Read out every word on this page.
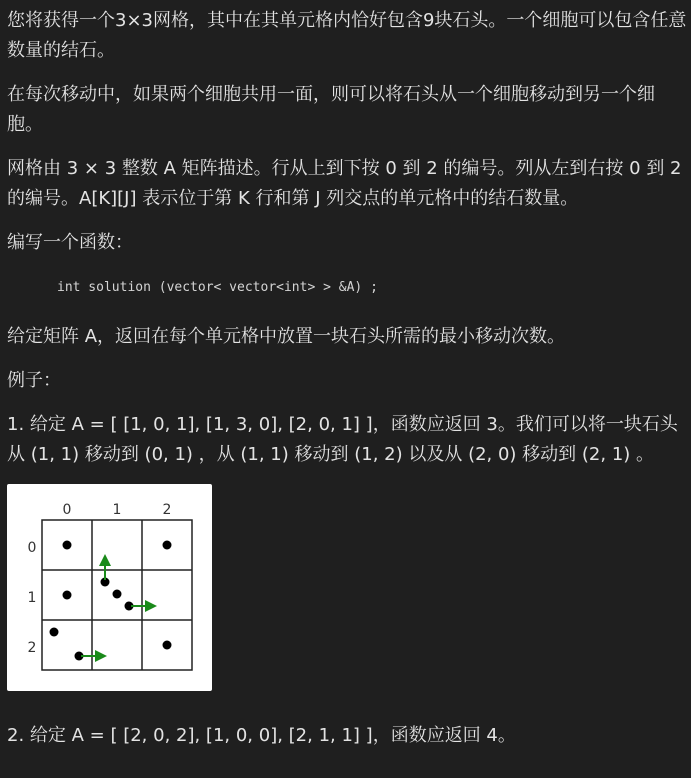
您将获得一个3×3网格，其中在其单元格内恰好包含9块石头。一个细胞可以包含任意数量的结石。

在每次移动中，如果两个细胞共用一面，则可以将石头从一个细胞移动到另一个细胞。

网格由 3 × 3 整数 A 矩阵描述。行从上到下按 0 到 2 的编号。列从左到右按 0 到 2 的编号。A[K][J] 表示位于第 K 行和第 J 列交点的单元格中的结石数量。

编写一个函数：

int solution (vector< vector<int> > &A) ;

给定矩阵 A，返回在每个单元格中放置一块石头所需的最小移动次数。

例子：

1. 给定 A = [ [1, 0, 1], [1, 3, 0], [2, 0, 1] ]，函数应返回 3。我们可以将一块石头从 (1, 1) 移动到 (0, 1) ，从 (1, 1) 移动到 (1, 2) 以及从 (2, 0) 移动到 (2, 1) 。

0	1	2
0
1
2

2. 给定 A = [ [2, 0, 2], [1, 0, 0], [2, 1, 1] ]，函数应返回 4。
